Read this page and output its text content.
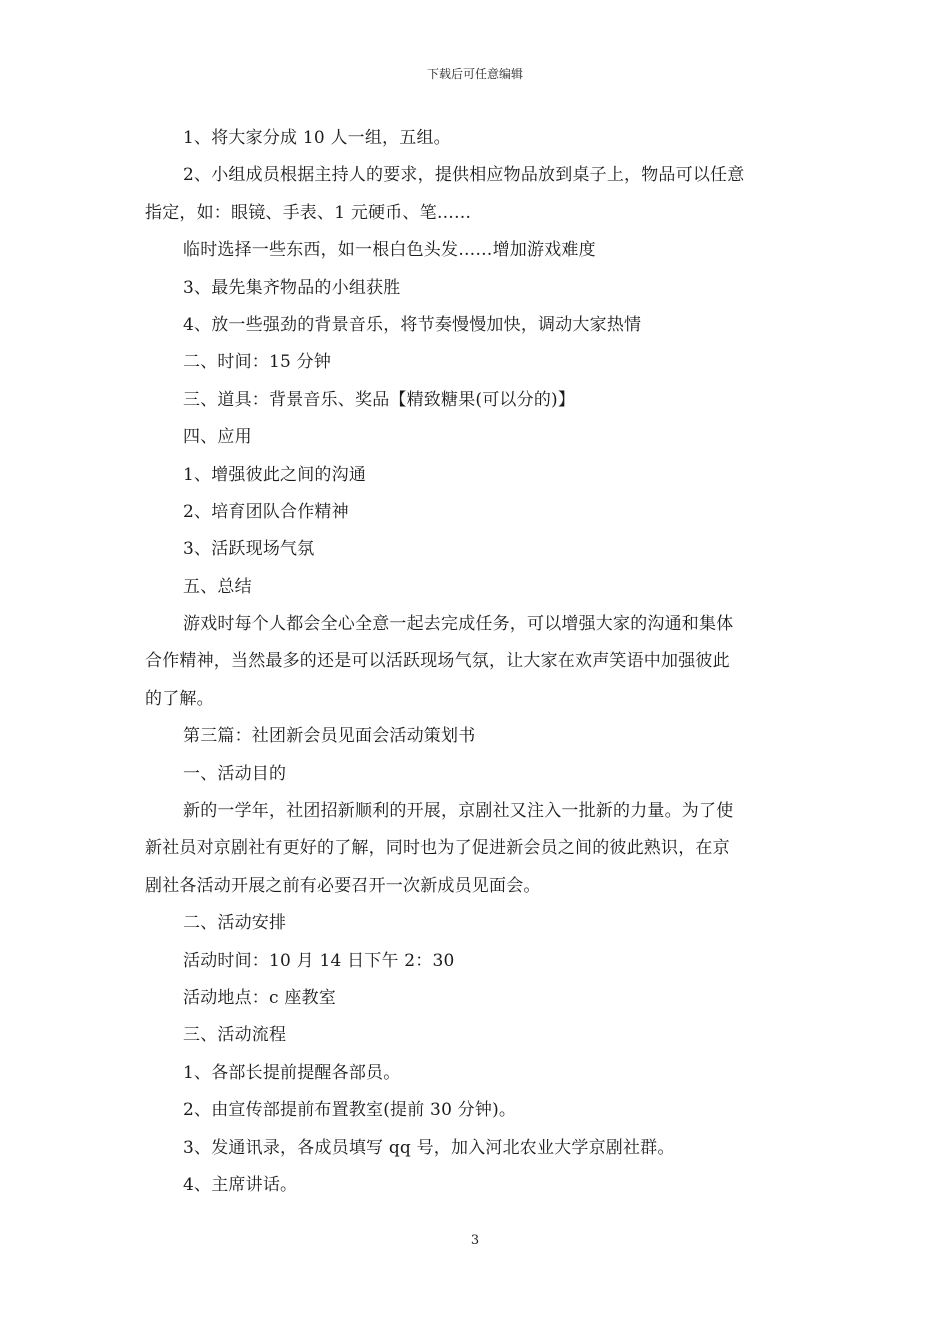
下载后可任意编辑
1、将大家分成 10 人一组，五组。
2、小组成员根据主持人的要求，提供相应物品放到桌子上，物品可以任意
指定，如：眼镜、手表、1 元硬币、笔……
临时选择一些东西，如一根白色头发……增加游戏难度
3、最先集齐物品的小组获胜
4、放一些强劲的背景音乐，将节奏慢慢加快，调动大家热情
二、时间：15 分钟
三、道具：背景音乐、奖品【精致糖果(可以分的)】
四、应用
1、增强彼此之间的沟通
2、培育团队合作精神
3、活跃现场气氛
五、总结
游戏时每个人都会全心全意一起去完成任务，可以增强大家的沟通和集体
合作精神，当然最多的还是可以活跃现场气氛，让大家在欢声笑语中加强彼此
的了解。
第三篇：社团新会员见面会活动策划书
一、活动目的
新的一学年，社团招新顺利的开展，京剧社又注入一批新的力量。为了使
新社员对京剧社有更好的了解，同时也为了促进新会员之间的彼此熟识，在京
剧社各活动开展之前有必要召开一次新成员见面会。
二、活动安排
活动时间：10 月 14 日下午 2：30
活动地点：c 座教室
三、活动流程
1、各部长提前提醒各部员。
2、由宣传部提前布置教室(提前 30 分钟)。
3、发通讯录，各成员填写 qq 号，加入河北农业大学京剧社群。
4、主席讲话。
3
